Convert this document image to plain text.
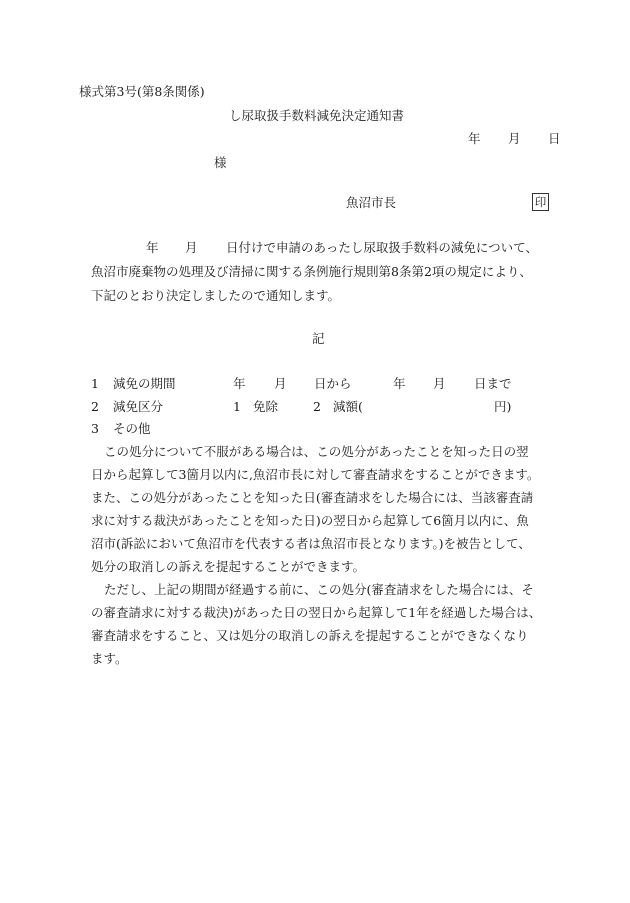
様式第3号(第8条関係)
し尿取扱手数料減免決定通知書
年 月 日
様
魚沼市長	印
年 月 日付けで申請のあったし尿取扱手数料の減免について、
魚沼市廃棄物の処理及び清掃に関する条例施行規則第8条第2項の規定により、
下記のとおり決定しましたので通知します。
記
1 減免の期間	年 月 日から	年 月 日まで
2 減免区分	1 免除	2 減額(	円)
3 その他
この処分について不服がある場合は、この処分があったことを知った日の翌
日から起算して3箇月以内に,魚沼市長に対して審査請求をすることができます。
また、この処分があったことを知った日(審査請求をした場合には、当該審査請
求に対する裁決があったことを知った日)の翌日から起算して6箇月以内に、魚
沼市(訴訟において魚沼市を代表する者は魚沼市長となります。)を被告として、
処分の取消しの訴えを提起することができます。
ただし、上記の期間が経過する前に、この処分(審査請求をした場合には、そ
の審査請求に対する裁決)があった日の翌日から起算して1年を経過した場合は、
審査請求をすること、又は処分の取消しの訴えを提起することができなくなり
ます。
